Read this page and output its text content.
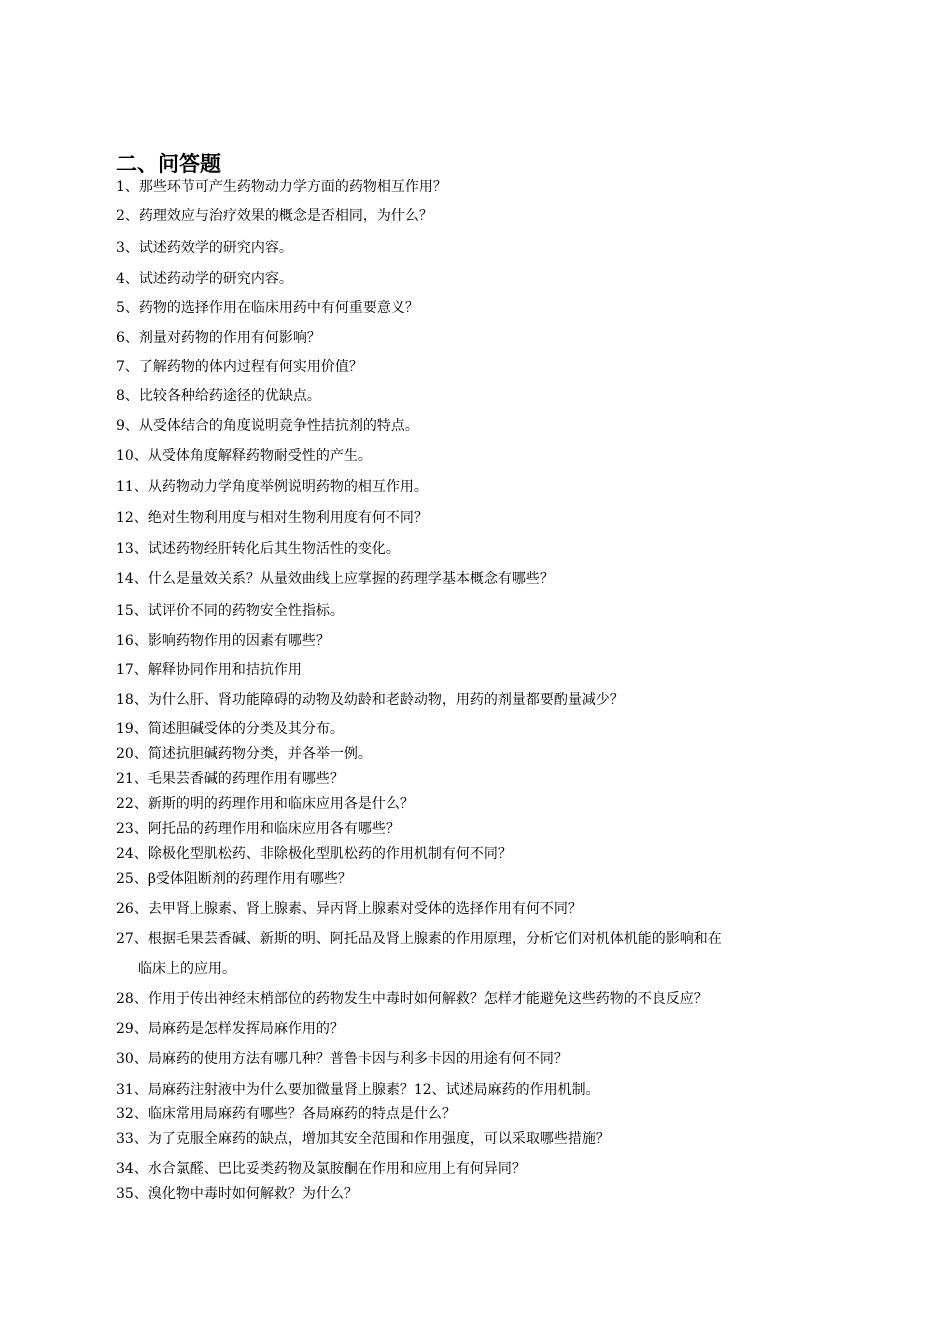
二、问答题
1、那些环节可产生药物动力学方面的药物相互作用？
2、药理效应与治疗效果的概念是否相同，为什么？
3、试述药效学的研究内容。
4、试述药动学的研究内容。
5、药物的选择作用在临床用药中有何重要意义？
6、剂量对药物的作用有何影响？
7、了解药物的体内过程有何实用价值？
8、比较各种给药途径的优缺点。
9、从受体结合的角度说明竞争性拮抗剂的特点。
10、从受体角度解释药物耐受性的产生。
11、从药物动力学角度举例说明药物的相互作用。
12、绝对生物利用度与相对生物利用度有何不同？
13、试述药物经肝转化后其生物活性的变化。
14、什么是量效关系？从量效曲线上应掌握的药理学基本概念有哪些？
15、试评价不同的药物安全性指标。
16、影响药物作用的因素有哪些？
17、解释协同作用和拮抗作用
18、为什么肝、肾功能障碍的动物及幼龄和老龄动物，用药的剂量都要酌量减少？
19、简述胆碱受体的分类及其分布。
20、简述抗胆碱药物分类，并各举一例。
21、毛果芸香碱的药理作用有哪些？
22、新斯的明的药理作用和临床应用各是什么？
23、阿托品的药理作用和临床应用各有哪些？
24、除极化型肌松药、非除极化型肌松药的作用机制有何不同？
25、β受体阻断剂的药理作用有哪些？
26、去甲肾上腺素、肾上腺素、异丙肾上腺素对受体的选择作用有何不同？
27、根据毛果芸香碱、新斯的明、阿托品及肾上腺素的作用原理，分析它们对机体机能的影响和在
临床上的应用。
28、作用于传出神经末梢部位的药物发生中毒时如何解救？怎样才能避免这些药物的不良反应？
29、局麻药是怎样发挥局麻作用的？
30、局麻药的使用方法有哪几种？普鲁卡因与利多卡因的用途有何不同？
31、局麻药注射液中为什么要加微量肾上腺素？12、试述局麻药的作用机制。
32、临床常用局麻药有哪些？各局麻药的特点是什么？
33、为了克服全麻药的缺点，增加其安全范围和作用强度，可以采取哪些措施？
34、水合氯醛、巴比妥类药物及氯胺酮在作用和应用上有何异同？
35、溴化物中毒时如何解救？为什么？
